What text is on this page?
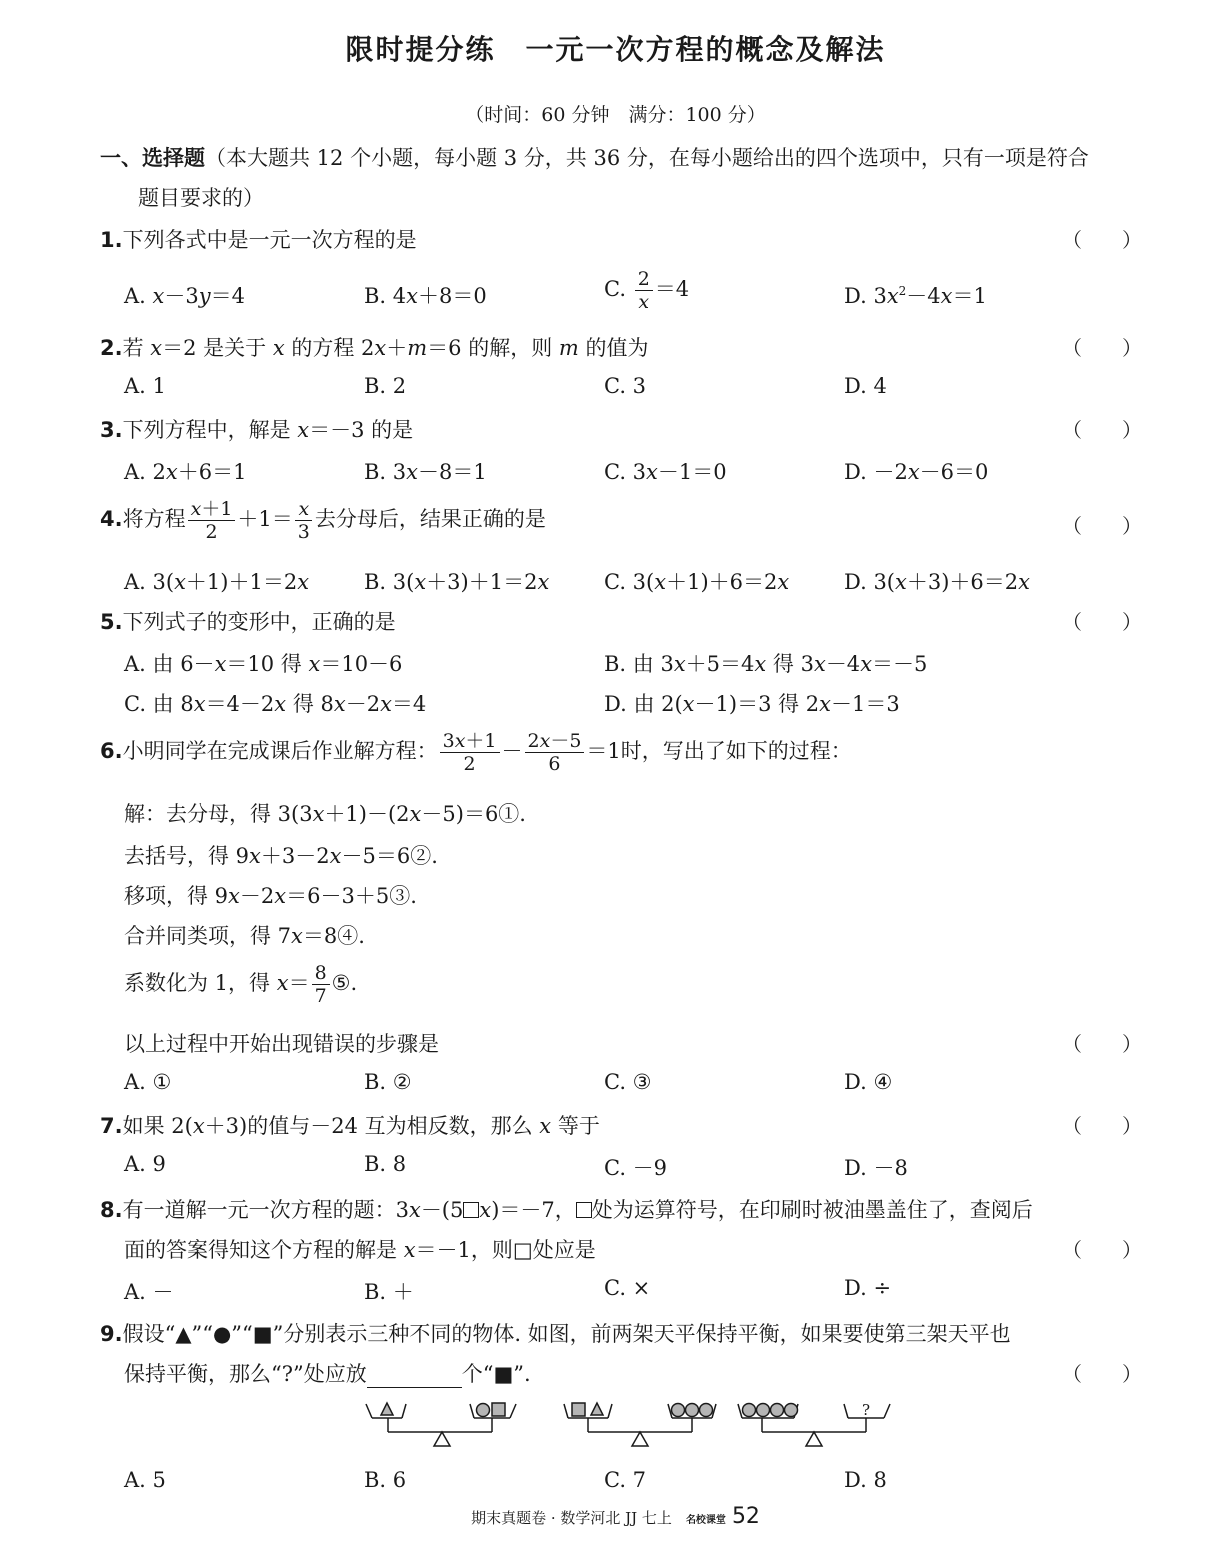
限时提分练　一元一次方程的概念及解法
（时间：60 分钟　满分：100 分）
一、选择题（本大题共 12 个小题，每小题 3 分，共 36 分，在每小题给出的四个选项中，只有一项是符合
题目要求的）
1.下列各式中是一元一次方程的是	（　　）
A. x－3y＝4	B. 4x＋8＝0	C. $\frac{2}{x} =4$	D. $3x^2-4x=1$
2.若 x＝2 是关于 x 的方程 2x＋m＝6 的解，则 m 的值为	（　　）
A. 1	B. 2	C. 3	D. 4
3.下列方程中，解是 x＝－3 的是	（　　）
A. 2x＋6＝1	B. 3x－8＝1	C. 3x－1＝0	D. －2x－6＝0
4.将方程 $\frac{x+1}{2} +1= \frac{x}{3}$ 去分母后，结果正确的是	（　　）
A. 3(x＋1)＋1＝2x	B. 3(x＋3)＋1＝2x	C. 3(x＋1)＋6＝2x	D. 3(x＋3)＋6＝2x
5.下列式子的变形中，正确的是	（　　）
A. 由 6－x＝10 得 x＝10－6	B. 由 3x＋5＝4x 得 3x－4x＝－5
C. 由 8x＝4－2x 得 8x－2x＝4	D. 由 2(x－1)＝3 得 2x－1＝3
6.小明同学在完成课后作业解方程： $\frac{3x+1}{2} - \frac{2x-5}{6} =1$时，写出了如下的过程：
解：去分母，得 3(3x＋1)－(2x－5)＝6①.
去括号，得 9x＋3－2x－5＝6②.
移项，得 9x－2x＝6－3＋5③.
合并同类项，得 7x＝8④.
系数化为 1，得 $x= \frac{8}{7}$ ⑤.
以上过程中开始出现错误的步骤是	（　　）
A. ①	B. ②	C. ③	D. ④
7.如果 2(x＋3)的值与－24 互为相反数，那么 x 等于	（　　）
A. 9	B. 8	C. －9	D. －8
8.有一道解一元一次方程的题：3x－(5 x)＝－7， 处为运算符号，在印刷时被油墨盖住了，查阅后
面的答案得知这个方程的解是 x＝－1，则□处应是	（　　）
A. －	B. ＋	C. ×	D. ÷
9.假设“▲”“●”“■”分别表示三种不同的物体. 如图，前两架天平保持平衡，如果要使第三架天平也
保持平衡，那么“?”处应放	个“■”.	（　　）
?
A. 5	B. 6	C. 7	D. 8
期末真题卷 · 数学河北 JJ 七上 名校课堂 52
